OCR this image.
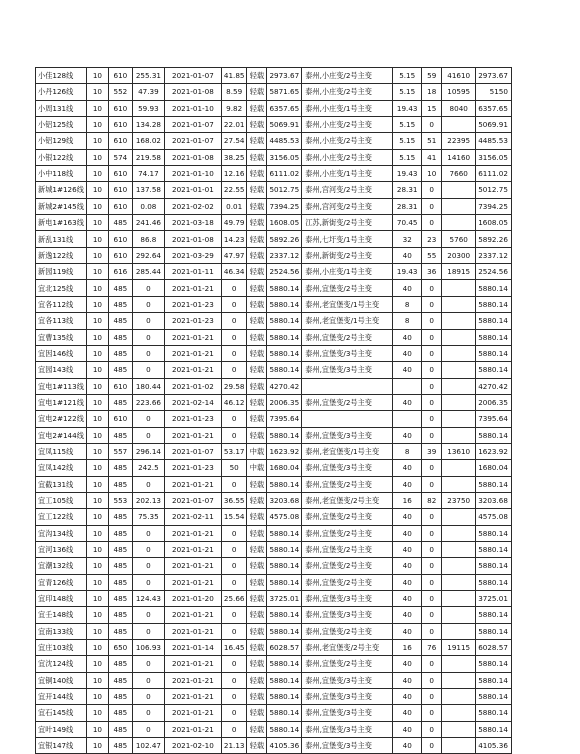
小佳128线	10	610	255.31	2021-01-07	41.85	轻载	2973.67	泰州,小庄变/2号主变	5.15	59	41610	2973.67
小丹126线	10	552	47.39	2021-01-08	8.59	轻载	5871.65	泰州,小庄变/2号主变	5.15	18	10595	5150
小周131线	10	610	59.93	2021-01-10	9.82	轻载	6357.65	泰州,小庄变/1号主变	19.43	15	8040	6357.65
小铝125线	10	610	134.28	2021-01-07	22.01	轻载	5069.91	泰州,小庄变/2号主变	5.15	0		5069.91
小铝129线	10	610	168.02	2021-01-07	27.54	轻载	4485.53	泰州,小庄变/2号主变	5.15	51	22395	4485.53
小银122线	10	574	219.58	2021-01-08	38.25	轻载	3156.05	泰州,小庄变/2号主变	5.15	41	14160	3156.05
小中118线	10	610	74.17	2021-01-10	12.16	轻载	6111.02	泰州,小庄变/1号主变	19.43	10	7660	6111.02
新城1#126线	10	610	137.58	2021-01-01	22.55	轻载	5012.75	泰州,宫河变/2号主变	28.31	0		5012.75
新城2#145线	10	610	0.08	2021-02-02	0.01	轻载	7394.25	泰州,宫河变/2号主变	28.31	0		7394.25
新电1#163线	10	485	241.46	2021-03-18	49.79	轻载	1608.05	江苏,新街变/2号主变	70.45	0		1608.05
新乱131线	10	610	86.8	2021-01-08	14.23	轻载	5892.26	泰州,七圩变/1号主变	32	23	5760	5892.26
新逸122线	10	610	292.64	2021-03-29	47.97	轻载	2337.12	泰州,新街变/2号主变	40	55	20300	2337.12
新园119线	10	616	285.44	2021-01-11	46.34	轻载	2524.56	泰州,小庄变/1号主变	19.43	36	18915	2524.56
宜北125线	10	485	0	2021-01-21	0	轻载	5880.14	泰州,宜堡变/2号主变	40	0		5880.14
宜各112线	10	485	0	2021-01-23	0	轻载	5880.14	泰州,老宜堡变/1号主变	8	0		5880.14
宜各113线	10	485	0	2021-01-23	0	轻载	5880.14	泰州,老宜堡变/1号主变	8	0		5880.14
宜曹135线	10	485	0	2021-01-21	0	轻载	5880.14	泰州,宜堡变/2号主变	40	0		5880.14
宜因146线	10	485	0	2021-01-21	0	轻载	5880.14	泰州,宜堡变/3号主变	40	0		5880.14
宜园143线	10	485	0	2021-01-21	0	轻载	5880.14	泰州,宜堡变/3号主变	40	0		5880.14
宜电1#113线	10	610	180.44	2021-01-02	29.58	轻载	4270.42			0		4270.42
宜电1#121线	10	485	223.66	2021-02-14	46.12	轻载	2006.35	泰州,宜堡变/2号主变	40	0		2006.35
宜电2#122线	10	610	0	2021-01-23	0	轻载	7395.64			0		7395.64
宜电2#144线	10	485	0	2021-01-21	0	轻载	5880.14	泰州,宜堡变/3号主变	40	0		5880.14
宜凤115线	10	557	296.14	2021-01-07	53.17	中载	1623.92	泰州,老宜堡变/1号主变	8	39	13610	1623.92
宜凤142线	10	485	242.5	2021-01-23	50	中载	1680.04	泰州,宜堡变/3号主变	40	0		1680.04
宜截131线	10	485	0	2021-01-21	0	轻载	5880.14	泰州,宜堡变/2号主变	40	0		5880.14
宜工105线	10	553	202.13	2021-01-07	36.55	轻载	3203.68	泰州,老宜堡变/2号主变	16	82	23750	3203.68
宜工122线	10	485	75.35	2021-02-11	15.54	轻载	4575.08	泰州,宜堡变/2号主变	40	0		4575.08
宜沟134线	10	485	0	2021-01-21	0	轻载	5880.14	泰州,宜堡变/2号主变	40	0		5880.14
宜河136线	10	485	0	2021-01-21	0	轻载	5880.14	泰州,宜堡变/2号主变	40	0		5880.14
宜潮132线	10	485	0	2021-01-21	0	轻载	5880.14	泰州,宜堡变/2号主变	40	0		5880.14
宜青126线	10	485	0	2021-01-21	0	轻载	5880.14	泰州,宜堡变/2号主变	40	0		5880.14
宜印148线	10	485	124.43	2021-01-20	25.66	轻载	3725.01	泰州,宜堡变/3号主变	40	0		3725.01
宜壬148线	10	485	0	2021-01-21	0	轻载	5880.14	泰州,宜堡变/3号主变	40	0		5880.14
宜南133线	10	485	0	2021-01-21	0	轻载	5880.14	泰州,宜堡变/2号主变	40	0		5880.14
宜庄103线	10	650	106.93	2021-01-14	16.45	轻载	6028.57	泰州,老宜堡变/2号主变	16	76	19115	6028.57
宜沈124线	10	485	0	2021-01-21	0	轻载	5880.14	泰州,宜堡变/2号主变	40	0		5880.14
宜铜140线	10	485	0	2021-01-21	0	轻载	5880.14	泰州,宜堡变/3号主变	40	0		5880.14
宜开144线	10	485	0	2021-01-21	0	轻载	5880.14	泰州,宜堡变/3号主变	40	0		5880.14
宜石145线	10	485	0	2021-01-21	0	轻载	5880.14	泰州,宜堡变/3号主变	40	0		5880.14
宜叶149线	10	485	0	2021-01-21	0	轻载	5880.14	泰州,宜堡变/3号主变	40	0		5880.14
宜银147线	10	485	102.47	2021-02-10	21.13	轻载	4105.36	泰州,宜堡变/3号主变	40	0		4105.36
